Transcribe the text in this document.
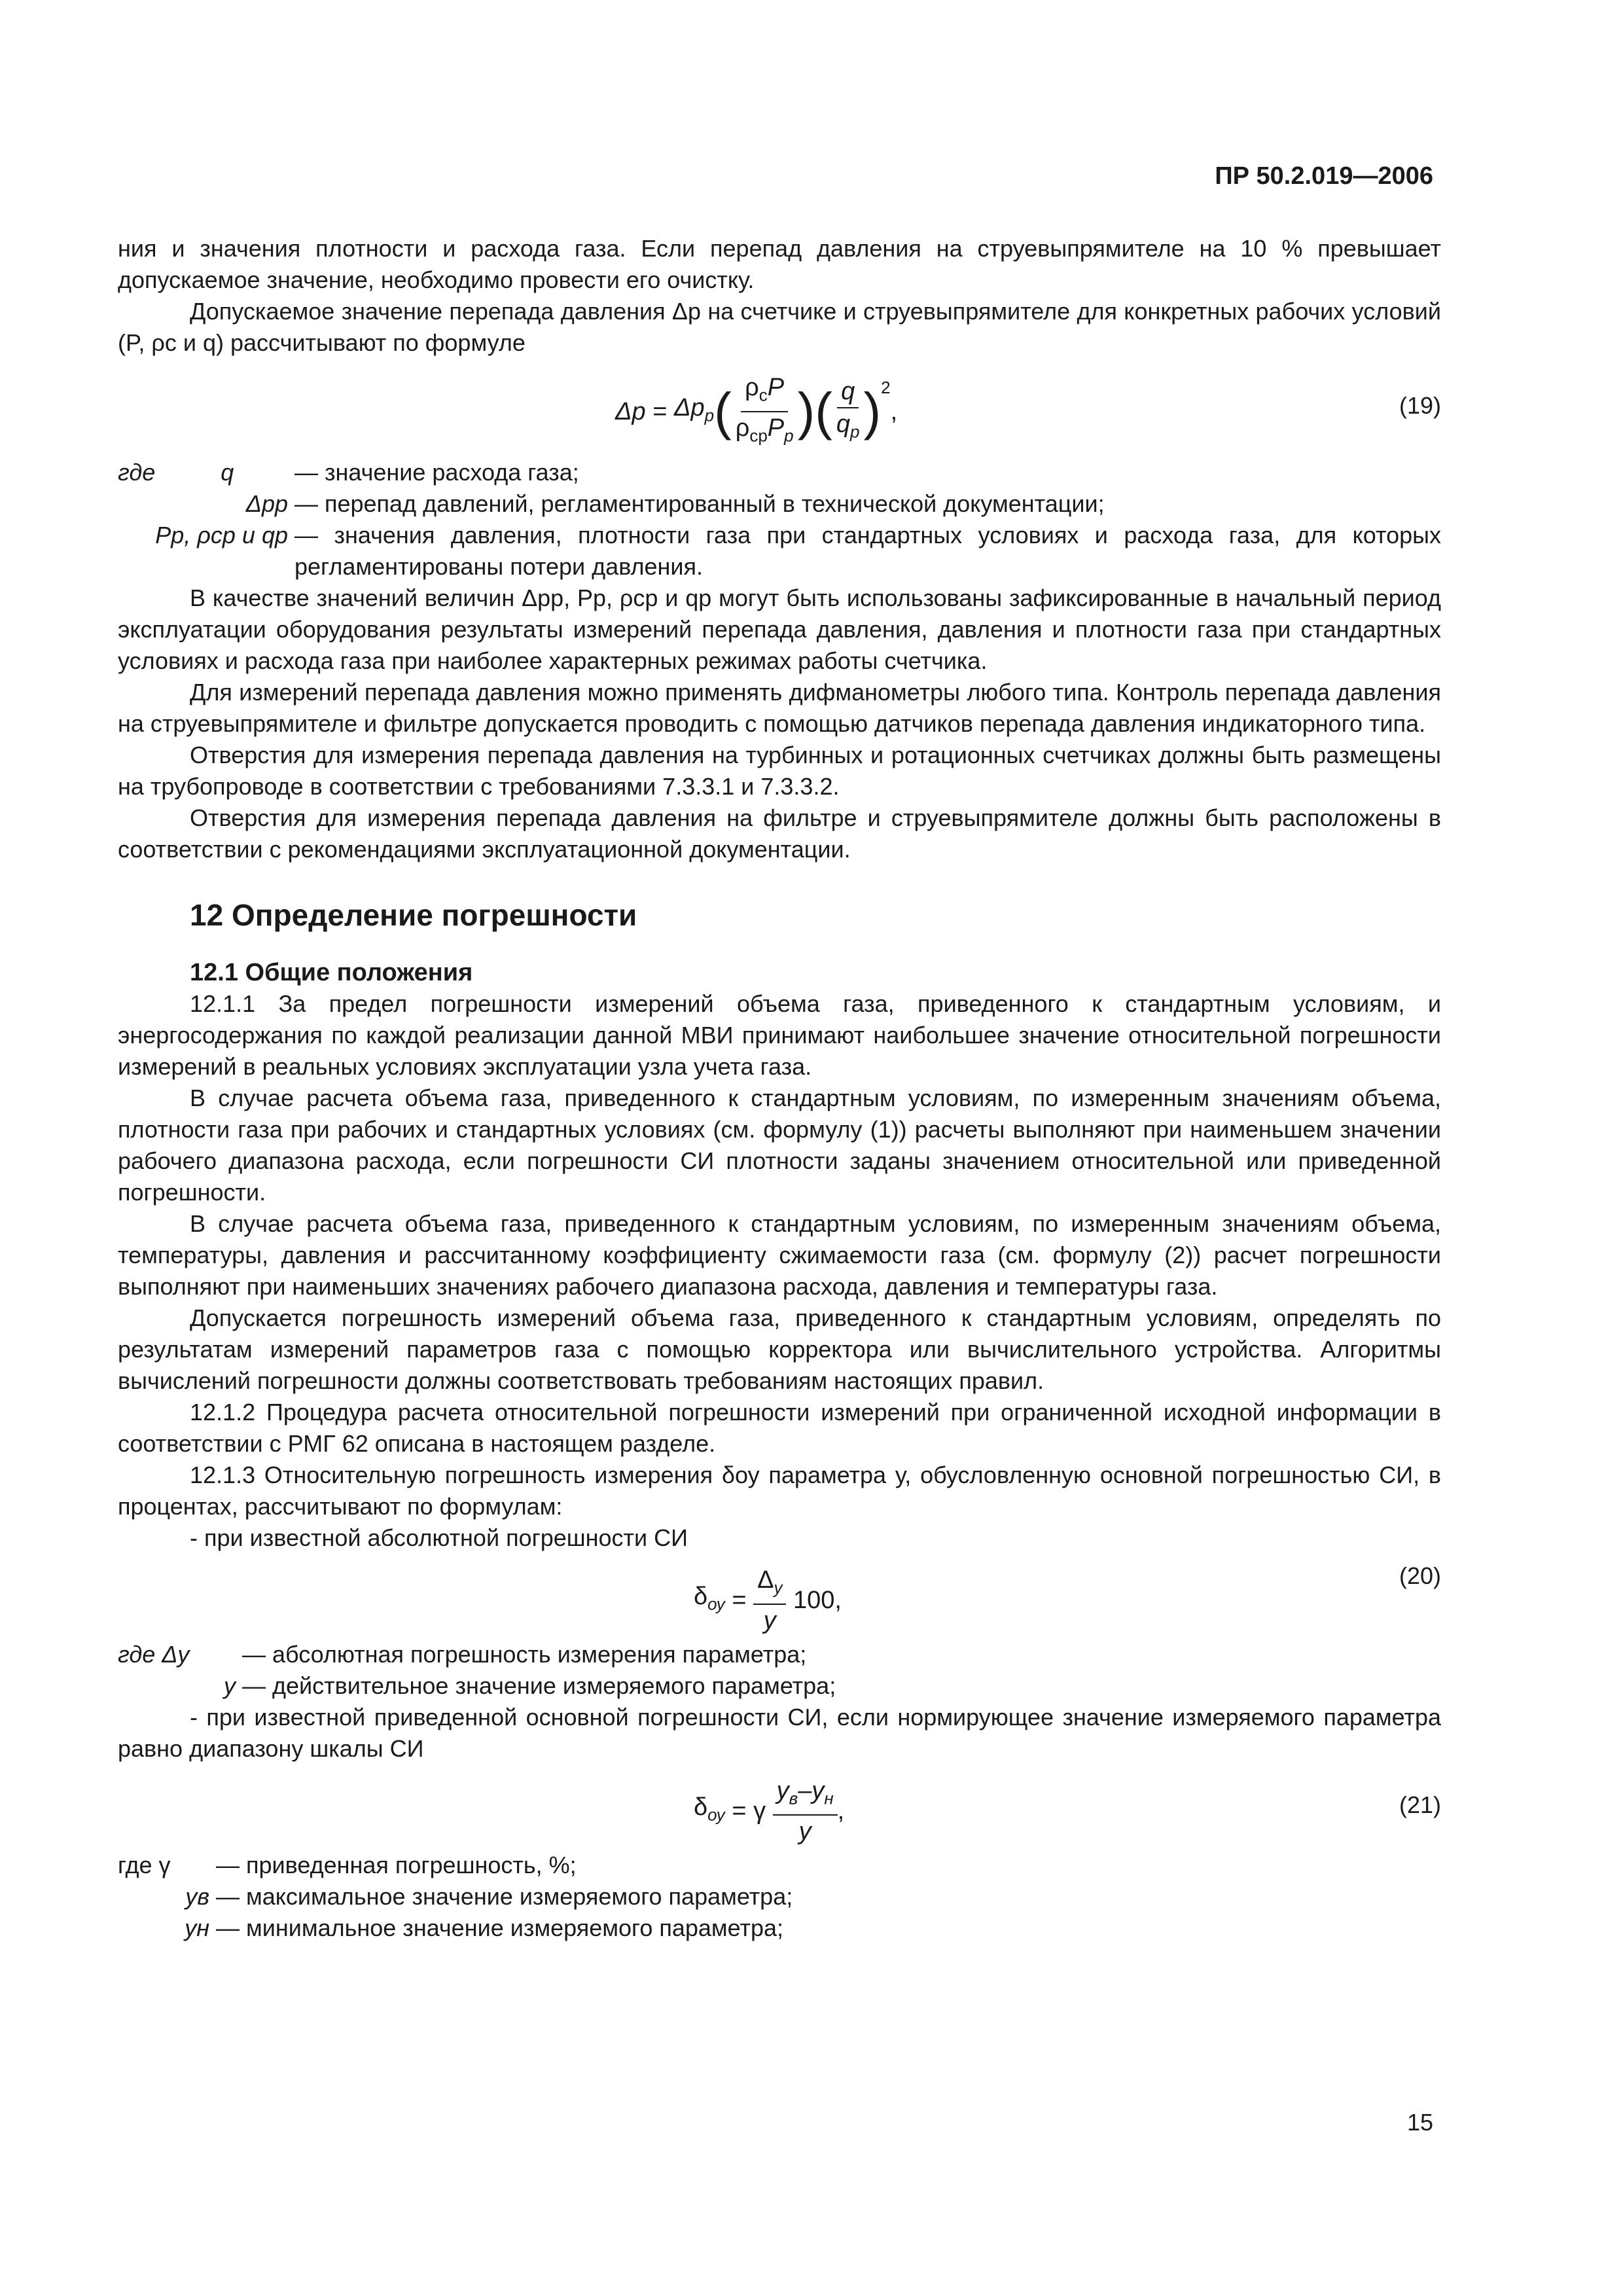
ПР 50.2.019—2006

ния и значения плотности и расхода газа. Если перепад давления на струевыпрямителе на 10 % превышает допускаемое значение, необходимо провести его очистку.

Допускаемое значение перепада давления Δp на счетчике и струевыпрямителе для конкретных рабочих условий (P, ρс и q) рассчитывают по формуле

$\Delta p = \Delta p_p$ ( $\frac{\rho_сP}{\rho_{ср}P_p}$ ) ( $\frac{q}{q_p} )^2$
,	(19)
где          q	— значение расхода газа;
Δpp — перепад давлений, регламентированный в технической документации;
Pp, ρср и qp — значения давления, плотности газа при стандартных условиях и расхода газа, для которых регламентированы потери давления.

В качестве значений величин Δpp, Pp, ρср и qp могут быть использованы зафиксированные в начальный период эксплуатации оборудования результаты измерений перепада давления, давления и плотности газа при стандартных условиях и расхода газа при наиболее характерных режимах работы счетчика.

Для измерений перепада давления можно применять дифманометры любого типа. Контроль перепада давления на струевыпрямителе и фильтре допускается проводить с помощью датчиков перепада давления индикаторного типа.

Отверстия для измерения перепада давления на турбинных и ротационных счетчиках должны быть размещены на трубопроводе в соответствии с требованиями 7.3.3.1 и 7.3.3.2.

Отверстия для измерения перепада давления на фильтре и струевыпрямителе должны быть расположены в соответствии с рекомендациями эксплуатационной документации.

12 Определение погрешности
12.1 Общие положения

12.1.1 За предел погрешности измерений объема газа, приведенного к стандартным условиям, и энергосодержания по каждой реализации данной МВИ принимают наибольшее значение относительной погрешности измерений в реальных условиях эксплуатации узла учета газа.

В случае расчета объема газа, приведенного к стандартным условиям, по измеренным значениям объема, плотности газа при рабочих и стандартных условиях (см. формулу (1)) расчеты выполняют при наименьшем значении рабочего диапазона расхода, если погрешности СИ плотности заданы значением относительной или приведенной погрешности.

В случае расчета объема газа, приведенного к стандартным условиям, по измеренным значениям объема, температуры, давления и рассчитанному коэффициенту сжимаемости газа (см. формулу (2)) расчет погрешности выполняют при наименьших значениях рабочего диапазона расхода, давления и температуры газа.

Допускается погрешность измерений объема газа, приведенного к стандартным условиям, определять по результатам измерений параметров газа с помощью корректора или вычислительного устройства. Алгоритмы вычислений погрешности должны соответствовать требованиям настоящих правил.

12.1.2 Процедура расчета относительной погрешности измерений при ограниченной исходной информации в соответствии с РМГ 62 описана в настоящем разделе.

12.1.3 Относительную погрешность измерения δоу параметра у, обусловленную основной погрешностью СИ, в процентах, рассчитывают по формулам:

- при известной абсолютной погрешности СИ

$\delta_{оу} = \frac{\Delta_у}{у}$
100,
(20)
где Δy	— абсолютная погрешность измерения параметра;
у — действительное значение измеряемого параметра;

- при известной приведенной основной погрешности СИ, если нормирующее значение измеряемого параметра равно диапазону шкалы СИ

$\delta_{оу} = \gamma \frac{у_в-у_н}{у}$ ,	(21)
где γ	— приведенная погрешность, %;
ув — максимальное значение измеряемого параметра;
ун — минимальное значение измеряемого параметра;
15
